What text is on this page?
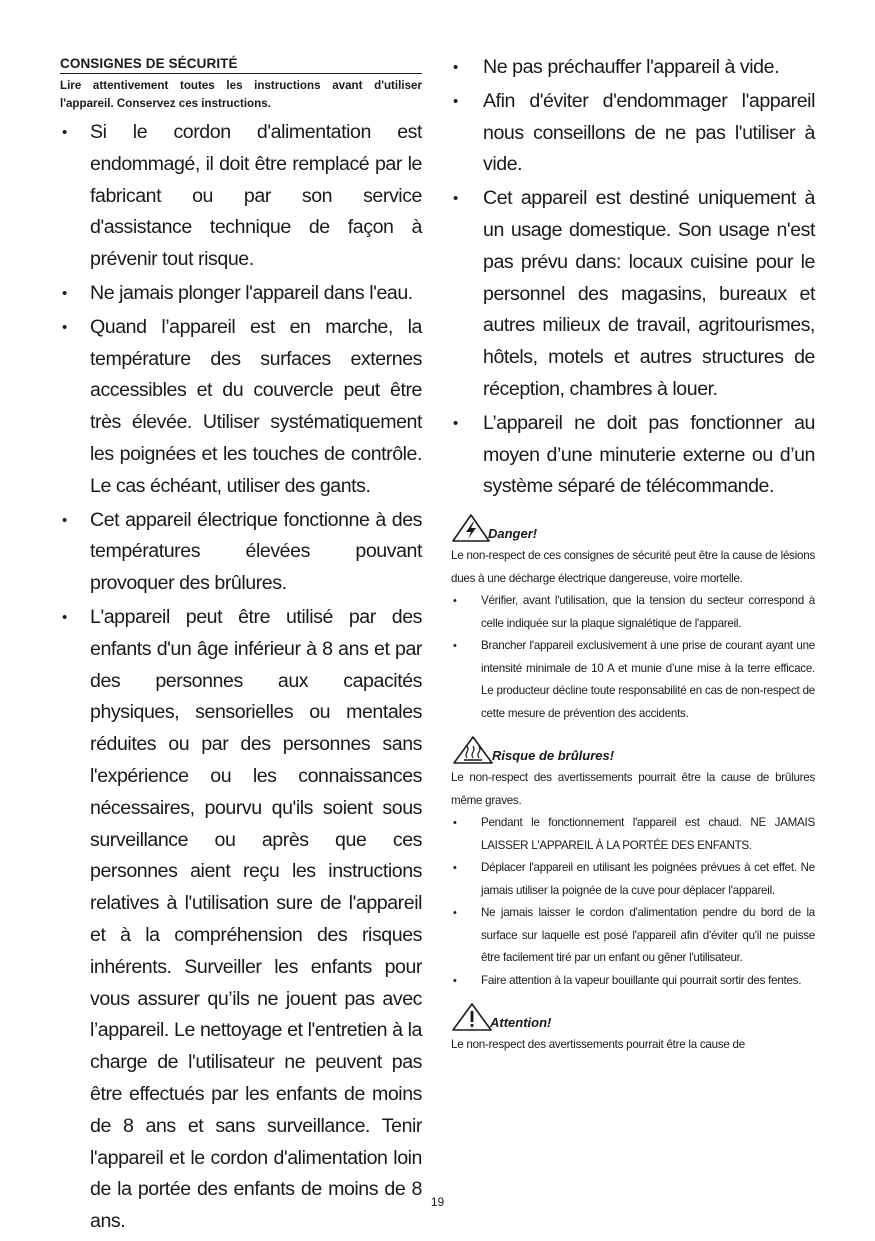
CONSIGNES DE SÉCURITÉ

Lire attentivement toutes les instructions avant d'utiliser l'appareil. Conservez ces instructions.

• Si le cordon d'alimentation est endommagé, il doit être remplacé par le fabricant ou par son service d'assistance technique de façon à prévenir tout risque.
• Ne jamais plonger l'appareil dans l'eau.
• Quand l’appareil est en marche, la température des surfaces externes accessibles et du couvercle peut être très élevée. Utiliser systématiquement les poignées et les touches de contrôle. Le cas échéant, utiliser des gants.
• Cet appareil électrique fonctionne à des températures élevées pouvant provoquer des brûlures.
• L'appareil peut être utilisé par des enfants d'un âge inférieur à 8 ans et par des personnes aux capacités physiques, sensorielles ou mentales réduites ou par des personnes sans l'expérience ou les connaissances nécessaires, pourvu qu'ils soient sous surveillance ou après que ces personnes aient reçu les instructions relatives à l'utilisation sure de l'appareil et à la compréhension des risques inhérents. Surveiller les enfants pour vous assurer qu’ils ne jouent pas avec l’appareil. Le nettoyage et l'entretien à la charge de l'utilisateur ne peuvent pas être effectués par les enfants de moins de 8 ans et sans surveillance. Tenir l'appareil et le cordon d'alimentation loin de la portée des enfants de moins de 8 ans.
• Ne pas préchauffer l'appareil à vide.
• Afin d'éviter d'endommager l'appareil nous conseillons de ne pas l'utiliser à vide.
• Cet appareil est destiné uniquement à un usage domestique. Son usage n'est pas prévu dans: locaux cuisine pour le personnel des magasins, bureaux et autres milieux de travail, agritourismes, hôtels, motels et autres structures de réception, chambres à louer.
• L’appareil ne doit pas fonctionner au moyen d’une minuterie externe ou d’un système séparé de télécommande.
Danger!

Le non-respect de ces consignes de sécurité peut être la cause de lésions dues à une décharge électrique dangereuse, voire mortelle.

• Vérifier, avant l'utilisation, que la tension du secteur correspond à celle indiquée sur la plaque signalétique de l'appareil.
• Brancher l'appareil exclusivement à une prise de courant ayant une intensité minimale de 10 A et munie d’une mise à la terre efficace. Le producteur décline toute responsabilité en cas de non-respect de cette mesure de prévention des accidents.
Risque de brûlures!

Le non-respect des avertissements pourrait être la cause de brûlures même graves.

• Pendant le fonctionnement l'appareil est chaud. NE JAMAIS LAISSER L'APPAREIL À LA PORTÉE DES ENFANTS.
• Déplacer l'appareil en utilisant les poignées prévues à cet effet. Ne jamais utiliser la poignée de la cuve pour déplacer l'appareil.
• Ne jamais laisser le cordon d'alimentation pendre du bord de la surface sur laquelle est posé l'appareil afin d'éviter qu'il ne puisse être facilement tiré par un enfant ou gêner l'utilisateur.
• Faire attention à la vapeur bouillante qui pourrait sortir des fentes.
Attention!

Le non-respect des avertissements pourrait être la cause de

19
